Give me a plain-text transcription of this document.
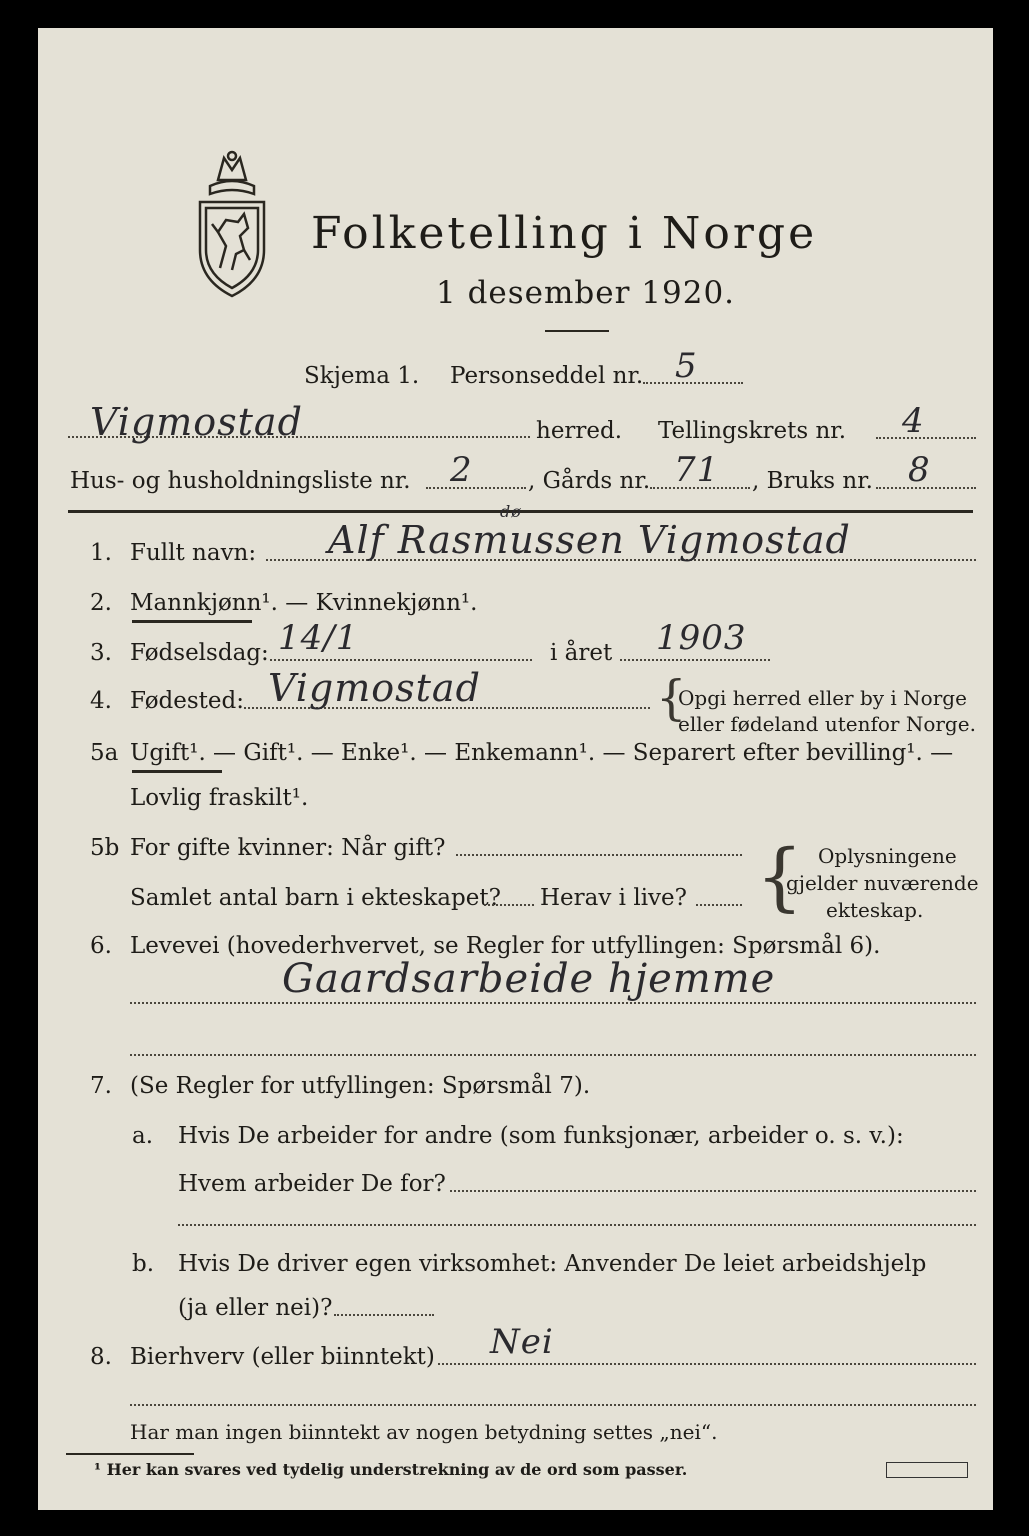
Folketelling i Norge
1 desember 1920.
Skjema 1. Personseddel nr. 5
Vigmostad	herred. Tellingskrets nr. 4
Hus- og husholdningsliste nr. 2 , Gårds nr. 71 , Bruks nr. 8
1. Fullt navn: Alf Rasmussen Vigmostad
dø
2. Mannkjønn¹. — Kvinnekjønn¹.
3. Fødselsdag: 14/1	i året 1903
4. Fødested: Vigmostad	{
Opgi herred eller by i Norge
eller fødeland utenfor Norge.
5a Ugift¹. — Gift¹. — Enke¹. — Enkemann¹. — Separert efter bevilling¹. —
Lovlig fraskilt¹.
5b For gifte kvinner: Når gift?
Samlet antal barn i ekteskapet? Herav i live? { Oplysningene
gjelder nuværende
ekteskap.
6. Levevei (hovederhvervet, se Regler for utfyllingen: Spørsmål 6).
Gaardsarbeide hjemme
7. (Se Regler for utfyllingen: Spørsmål 7).
a. Hvis De arbeider for andre (som funksjonær, arbeider o. s. v.):
Hvem arbeider De for?
b. Hvis De driver egen virksomhet: Anvender De leiet arbeidshjelp
(ja eller nei)?
8. Bierhverv (eller biinntekt) Nei
Har man ingen biinntekt av nogen betydning settes „nei“.
¹ Her kan svares ved tydelig understrekning av de ord som passer.
